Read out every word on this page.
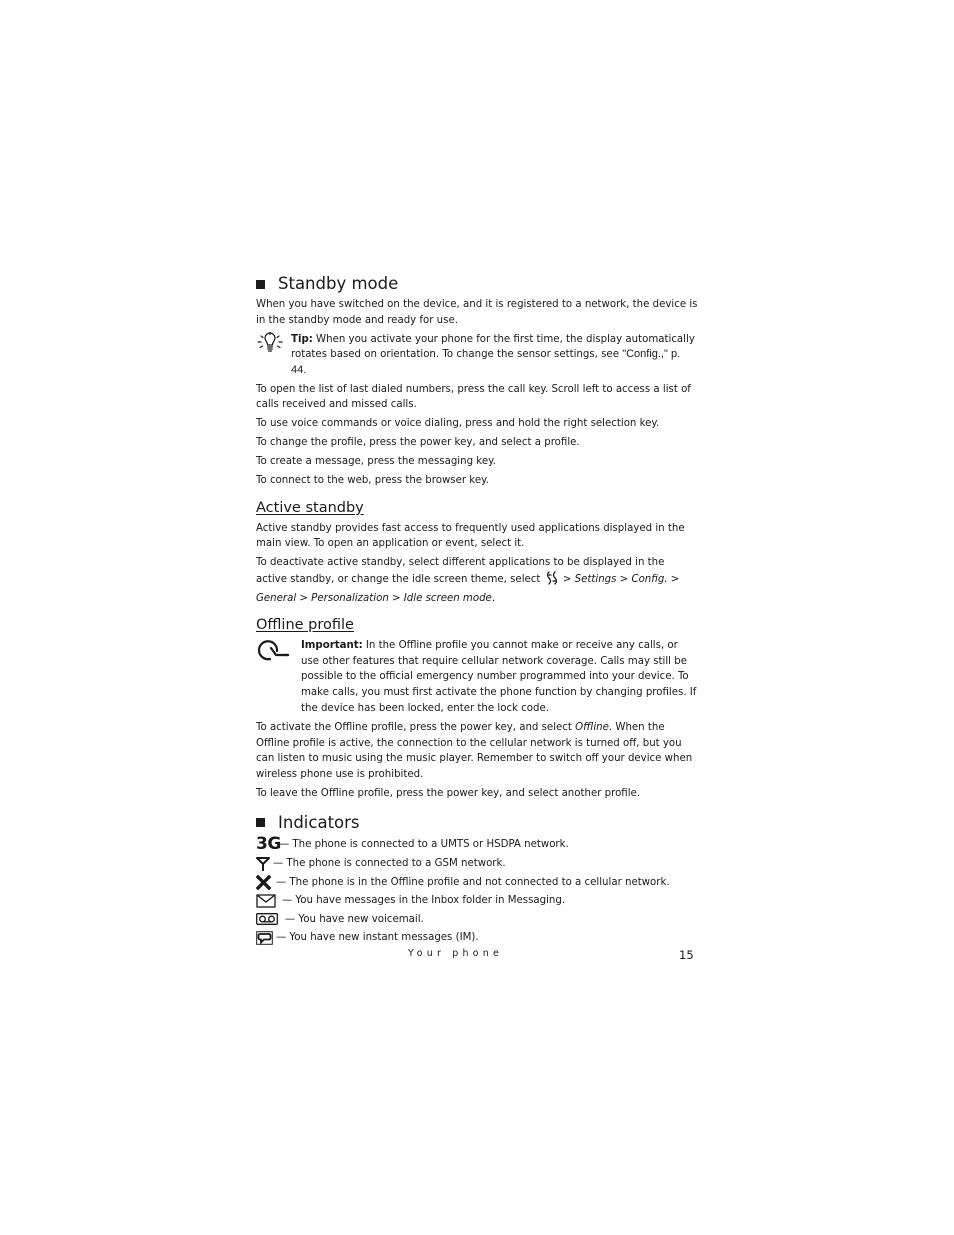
Standby mode

When you have switched on the device, and it is registered to a network, the device is in the standby mode and ready for use.

Tip: When you activate your phone for the first time, the display automatically rotates based on orientation. To change the sensor settings, see "Config.," p. 44.

To open the list of last dialed numbers, press the call key. Scroll left to access a list of calls received and missed calls.

To use voice commands or voice dialing, press and hold the right selection key.

To change the profile, press the power key, and select a profile.

To create a message, press the messaging key.

To connect to the web, press the browser key.

Active standby

Active standby provides fast access to frequently used applications displayed in the main view. To open an application or event, select it.

To deactivate active standby, select different applications to be displayed in the active standby, or change the idle screen theme, select  > Settings > Config. > General > Personalization > Idle screen mode.

Offline profile
Important: In the Offline profile you cannot make or receive any calls, or use other features that require cellular network coverage. Calls may still be possible to the official emergency number programmed into your device. To make calls, you must first activate the phone function by changing profiles. If the device has been locked, enter the lock code.

To activate the Offline profile, press the power key, and select Offline. When the Offline profile is active, the connection to the cellular network is turned off, but you can listen to music using the music player. Remember to switch off your device when wireless phone use is prohibited.

To leave the Offline profile, press the power key, and select another profile.

Indicators
3G
— The phone is connected to a UMTS or HSDPA network.
— The phone is connected to a GSM network.
— The phone is in the Offline profile and not connected to a cellular network.
— You have messages in the Inbox folder in Messaging.
— You have new voicemail.
— You have new instant messages (IM).
Your phone	15
